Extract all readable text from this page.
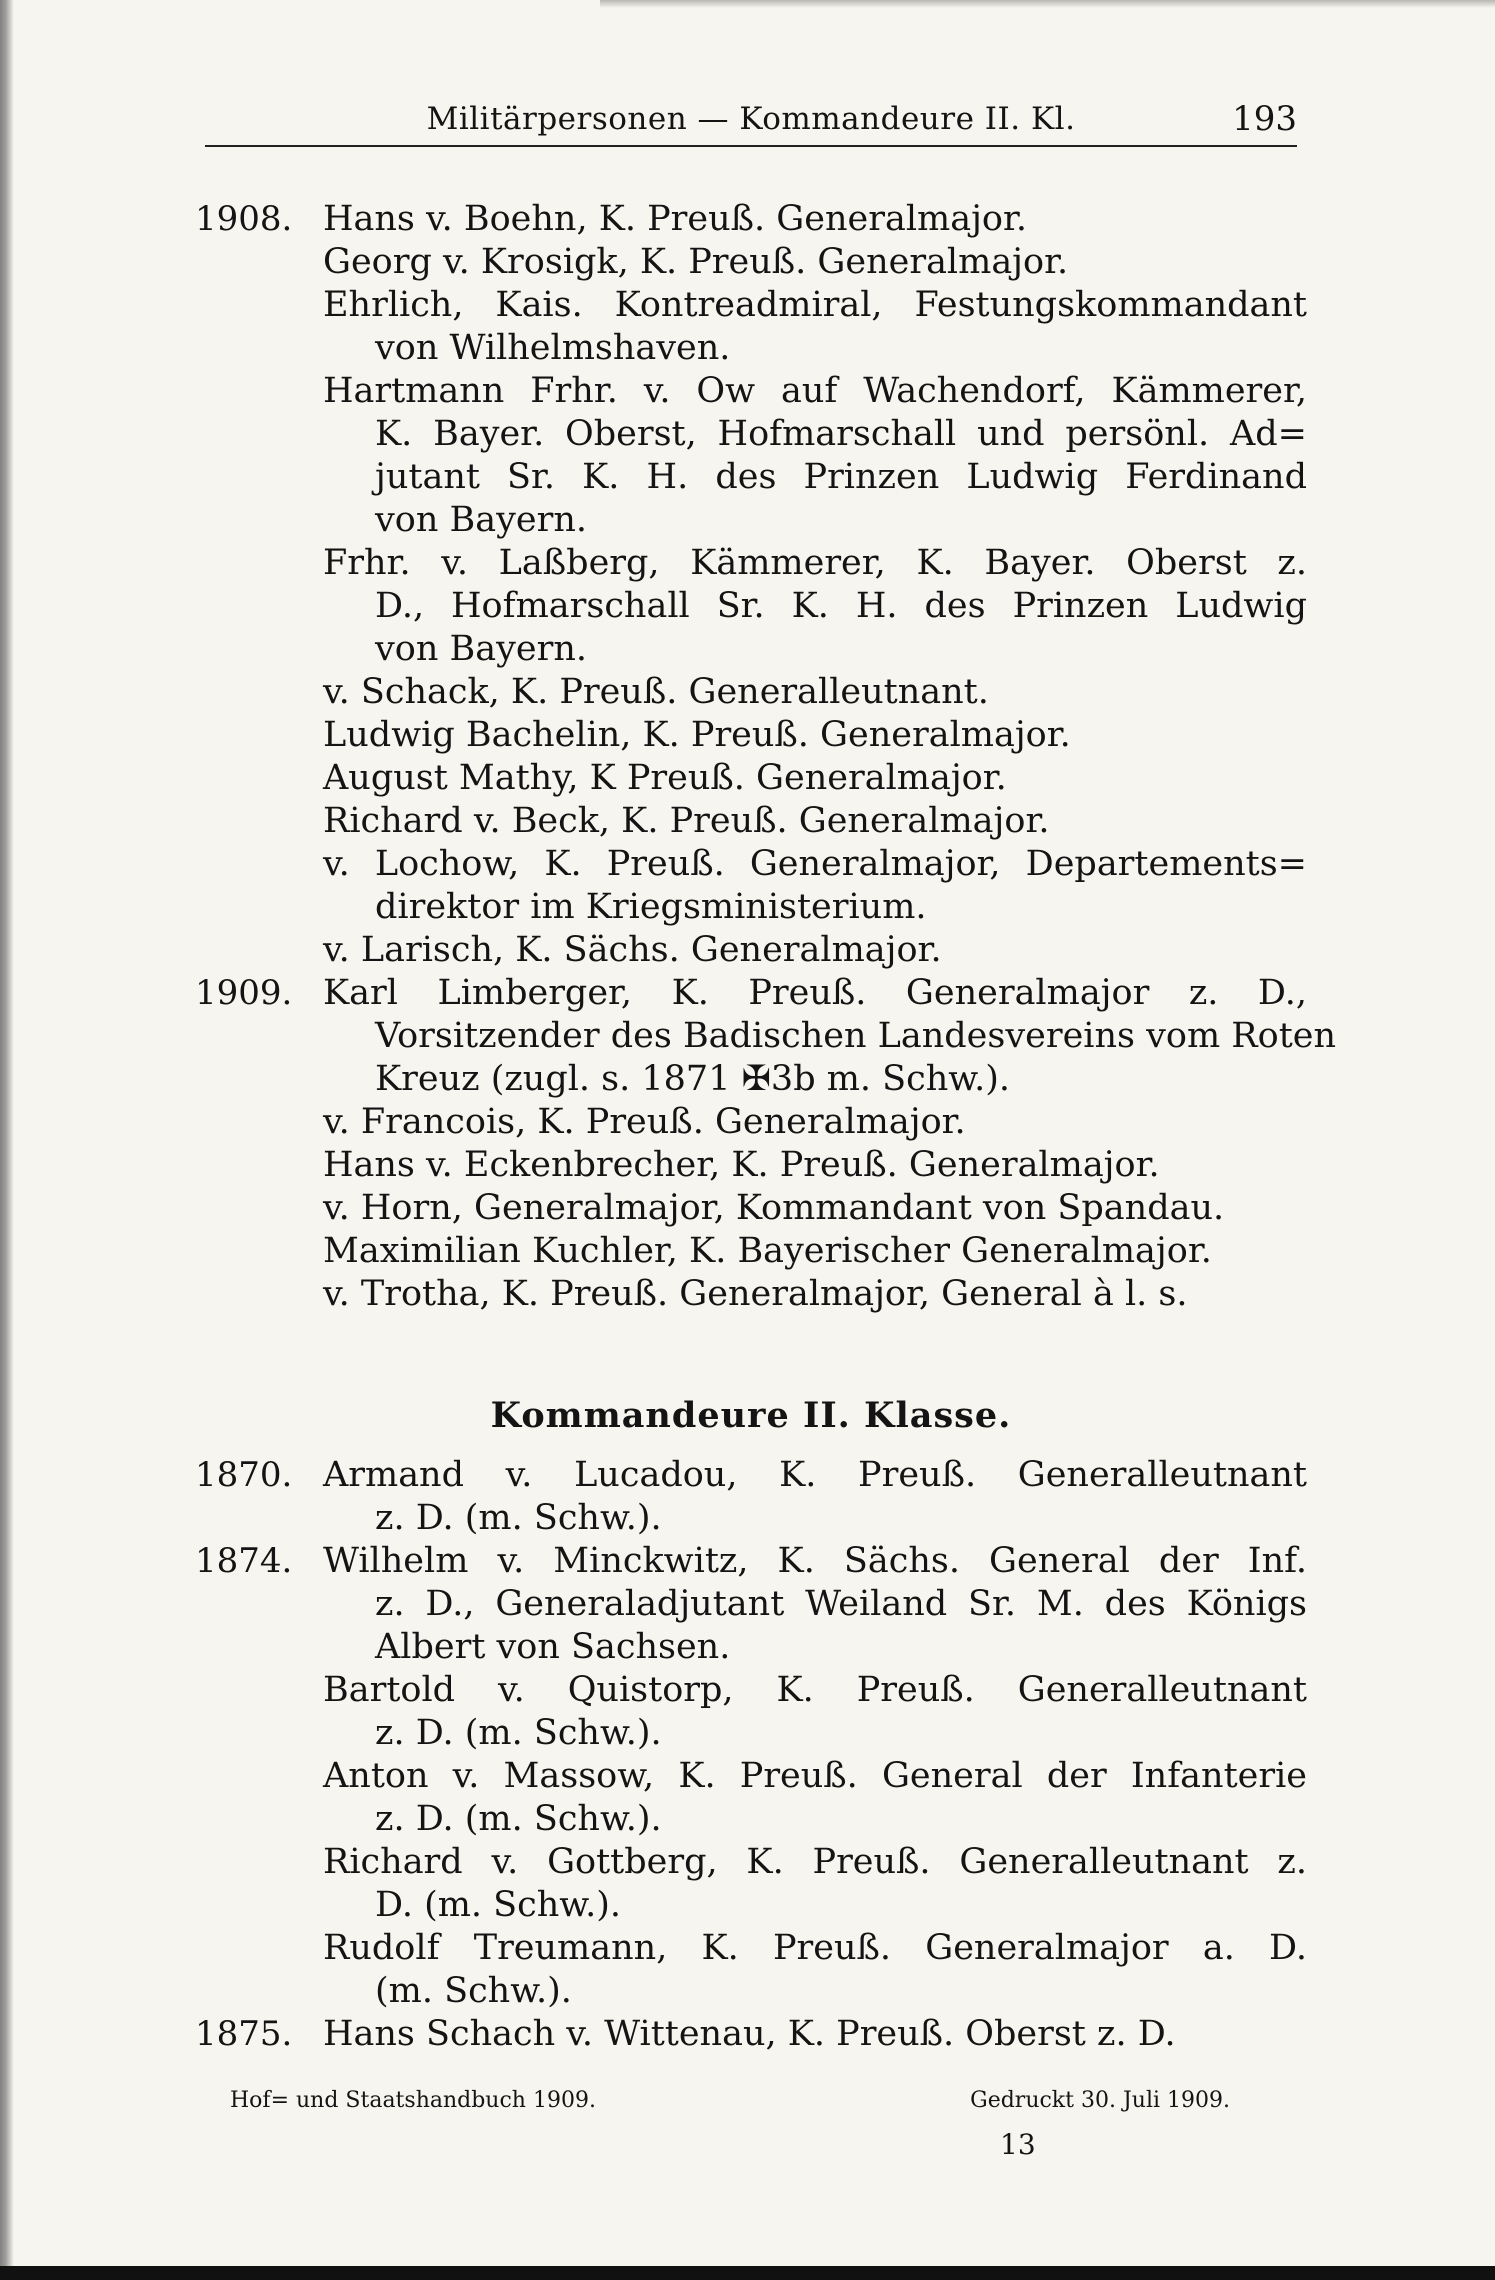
Militärpersonen — Kommandeure II. Kl.	193
1908. Hans v. Boehn, K. Preuß. Generalmajor.
Georg v. Krosigk, K. Preuß. Generalmajor.
Ehrlich, Kais. Kontreadmiral, Festungskommandant
von Wilhelmshaven.
Hartmann Frhr. v. Ow auf Wachendorf, Kämmerer,
K. Bayer. Oberst, Hofmarschall und persönl. Ad=
jutant Sr. K. H. des Prinzen Ludwig Ferdinand
von Bayern.
Frhr. v. Laßberg, Kämmerer, K. Bayer. Oberst z.
D., Hofmarschall Sr. K. H. des Prinzen Ludwig
von Bayern.
v. Schack, K. Preuß. Generalleutnant.
Ludwig Bachelin, K. Preuß. Generalmajor.
August Mathy, K Preuß. Generalmajor.
Richard v. Beck, K. Preuß. Generalmajor.
v. Lochow, K. Preuß. Generalmajor, Departements=
direktor im Kriegsministerium.
v. Larisch, K. Sächs. Generalmajor.
1909. Karl Limberger, K. Preuß. Generalmajor z. D.,
Vorsitzender des Badischen Landesvereins vom Roten
Kreuz (zugl. s. 1871 ✠3b m. Schw.).
v. Francois, K. Preuß. Generalmajor.
Hans v. Eckenbrecher, K. Preuß. Generalmajor.
v. Horn, Generalmajor, Kommandant von Spandau.
Maximilian Kuchler, K. Bayerischer Generalmajor.
v. Trotha, K. Preuß. Generalmajor, General à l. s.
Kommandeure II. Klasse.
1870. Armand v. Lucadou, K. Preuß. Generalleutnant
z. D. (m. Schw.).
1874. Wilhelm v. Minckwitz, K. Sächs. General der Inf.
z. D., Generaladjutant Weiland Sr. M. des Königs
Albert von Sachsen.
Bartold v. Quistorp, K. Preuß. Generalleutnant
z. D. (m. Schw.).
Anton v. Massow, K. Preuß. General der Infanterie
z. D. (m. Schw.).
Richard v. Gottberg, K. Preuß. Generalleutnant z.
D. (m. Schw.).
Rudolf Treumann, K. Preuß. Generalmajor a. D.
(m. Schw.).
1875. Hans Schach v. Wittenau, K. Preuß. Oberst z. D.
Hof= und Staatshandbuch 1909.	Gedruckt 30. Juli 1909.
13
